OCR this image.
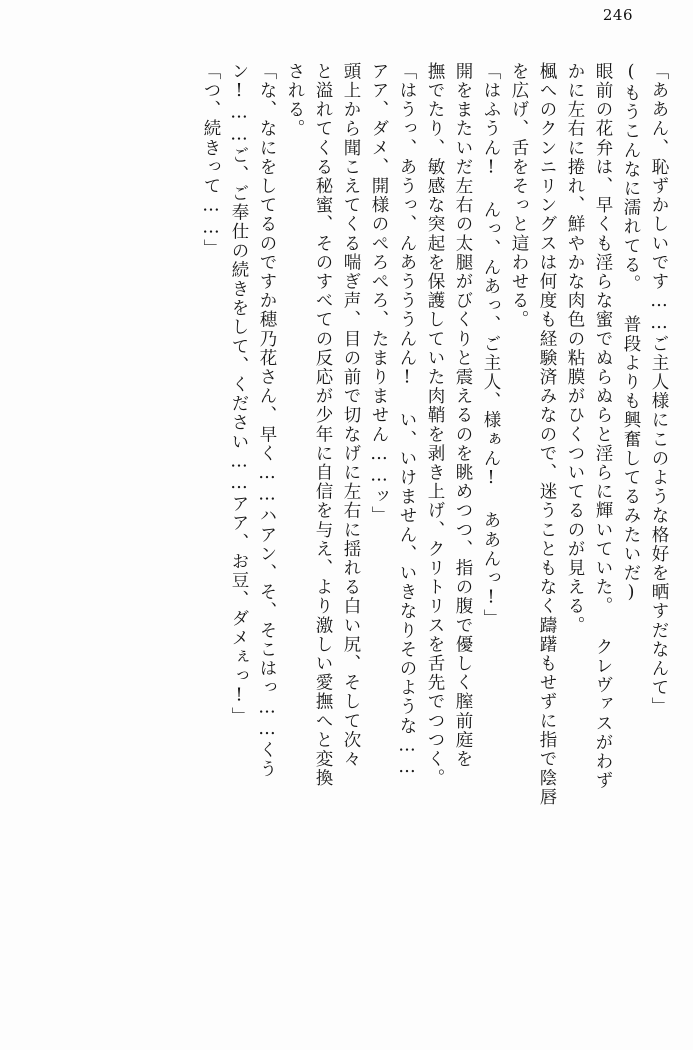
246
「ああん、恥ずかしいです……ご主人様にこのような格好を晒すだなんて」
(もうこんなに濡れてる。 普段よりも興奮してるみたいだ)
眼前の花弁は、早くも淫らな蜜でぬらぬらと淫らに輝いていた。 クレヴァスがわず
かに左右に捲れ、鮮やかな肉色の粘膜がひくついてるのが見える。
楓へのクンニリングスは何度も経験済みなので、迷うこともなく躊躇もせずに指で陰唇
を広げ、舌をそっと這わせる。
「はふうん! んっ、んあっ、ご主人、様ぁん! ああんっ!」
開をまたいだ左右の太腿がびくりと震えるのを眺めつつ、指の腹で優しく膣前庭を
撫でたり、敏感な突起を保護していた肉鞘を剥き上げ、クリトリスを舌先でつつく。
「はうっ、あうっ、んあうううんん! い、いけません、いきなりそのような……
アア、ダメ、開様のぺろぺろ、たまりません……ッ」
頭上から聞こえてくる喘ぎ声、目の前で切なげに左右に揺れる白い尻、そして次々
と溢れてくる秘蜜、そのすべての反応が少年に自信を与え、より激しい愛撫へと変換
される。
「な、なにをしてるのですか穂乃花さん、早く……ハアン、そ、そこはっ……くう
ン!……ご、ご奉仕の続きをして、ください……アア、お豆、ダメぇっ!」
「つ、続きって……」
